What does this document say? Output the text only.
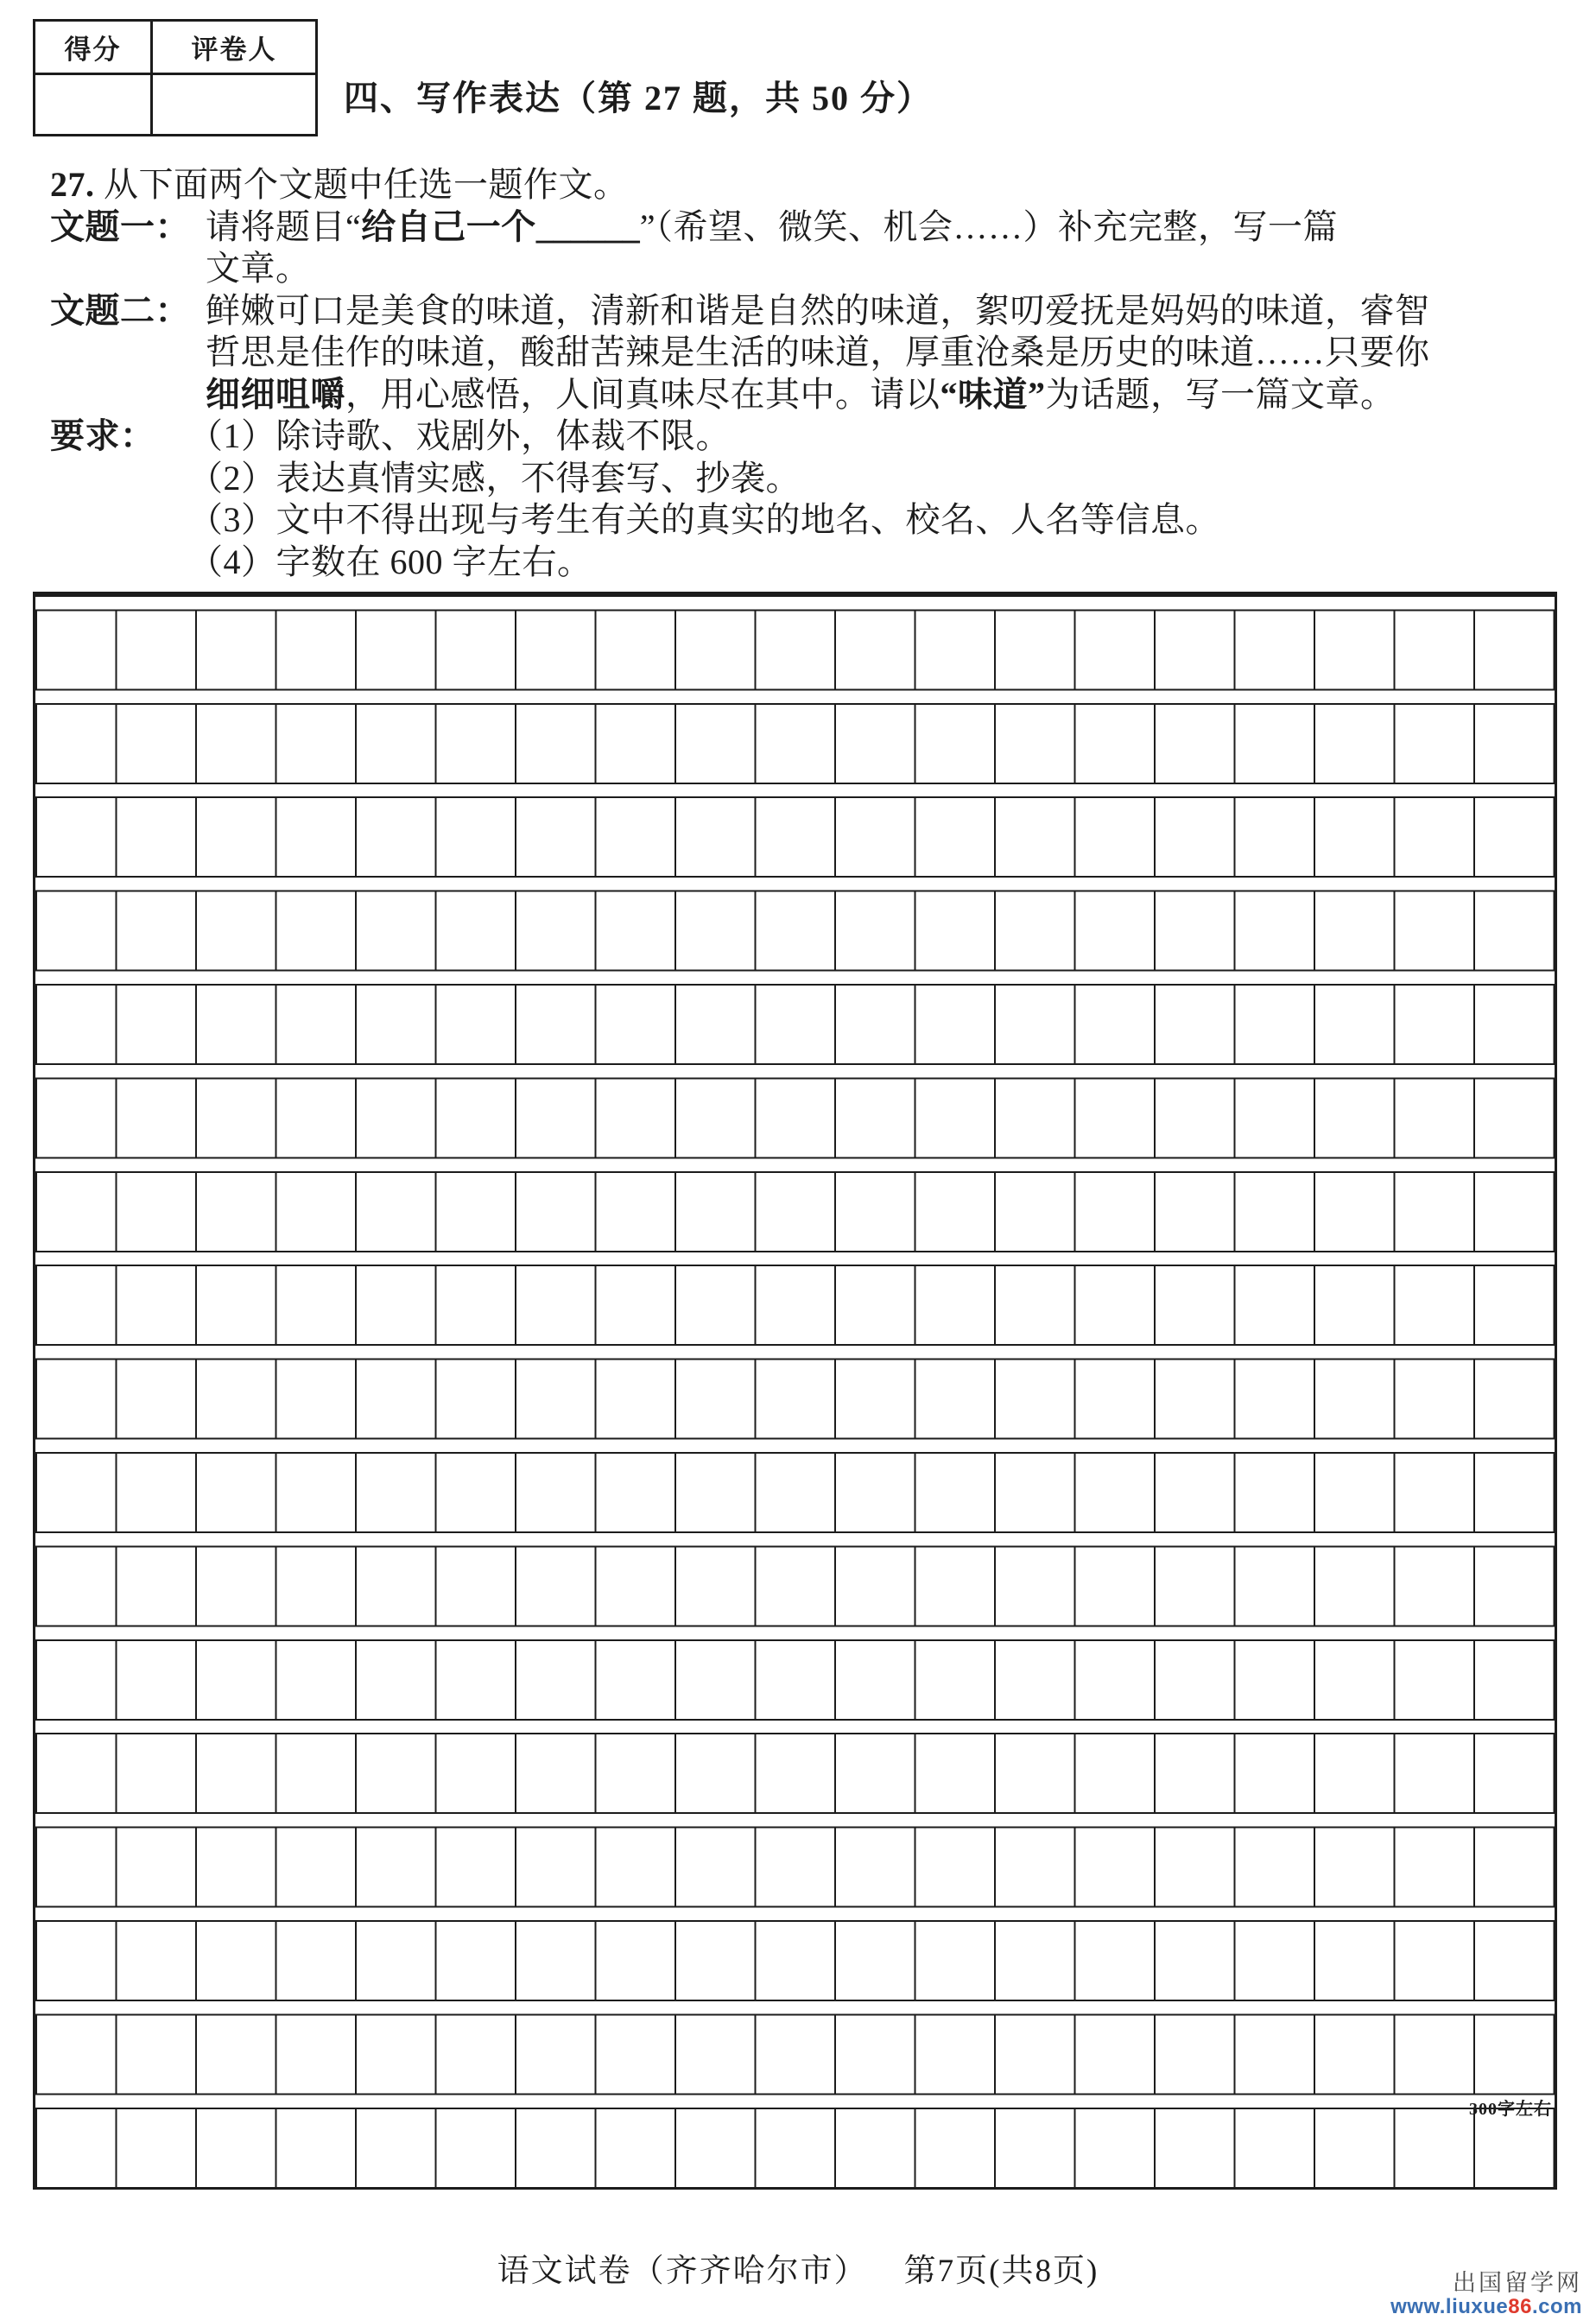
得分	评卷人
四、写作表达（第 27 题，共 50 分）
27. 从下面两个文题中任选一题作文。
文题一： 请将题目“给自己一个______”（希望、微笑、机会……）补充完整，写一篇
文章。
文题二： 鲜嫩可口是美食的味道，清新和谐是自然的味道，絮叨爱抚是妈妈的味道，睿智
哲思是佳作的味道，酸甜苦辣是生活的味道，厚重沧桑是历史的味道……只要你
细细咀嚼，用心感悟，人间真味尽在其中。请以“味道”为话题，写一篇文章。
要求： （1）除诗歌、戏剧外，体裁不限。
（2）表达真情实感，不得套写、抄袭。
（3）文中不得出现与考生有关的真实的地名、校名、人名等信息。
（4）字数在 600 字左右。
300字左右
语文试卷（齐齐哈尔市） 第7页(共8页)	出国留学网
www.liuxue86.com
